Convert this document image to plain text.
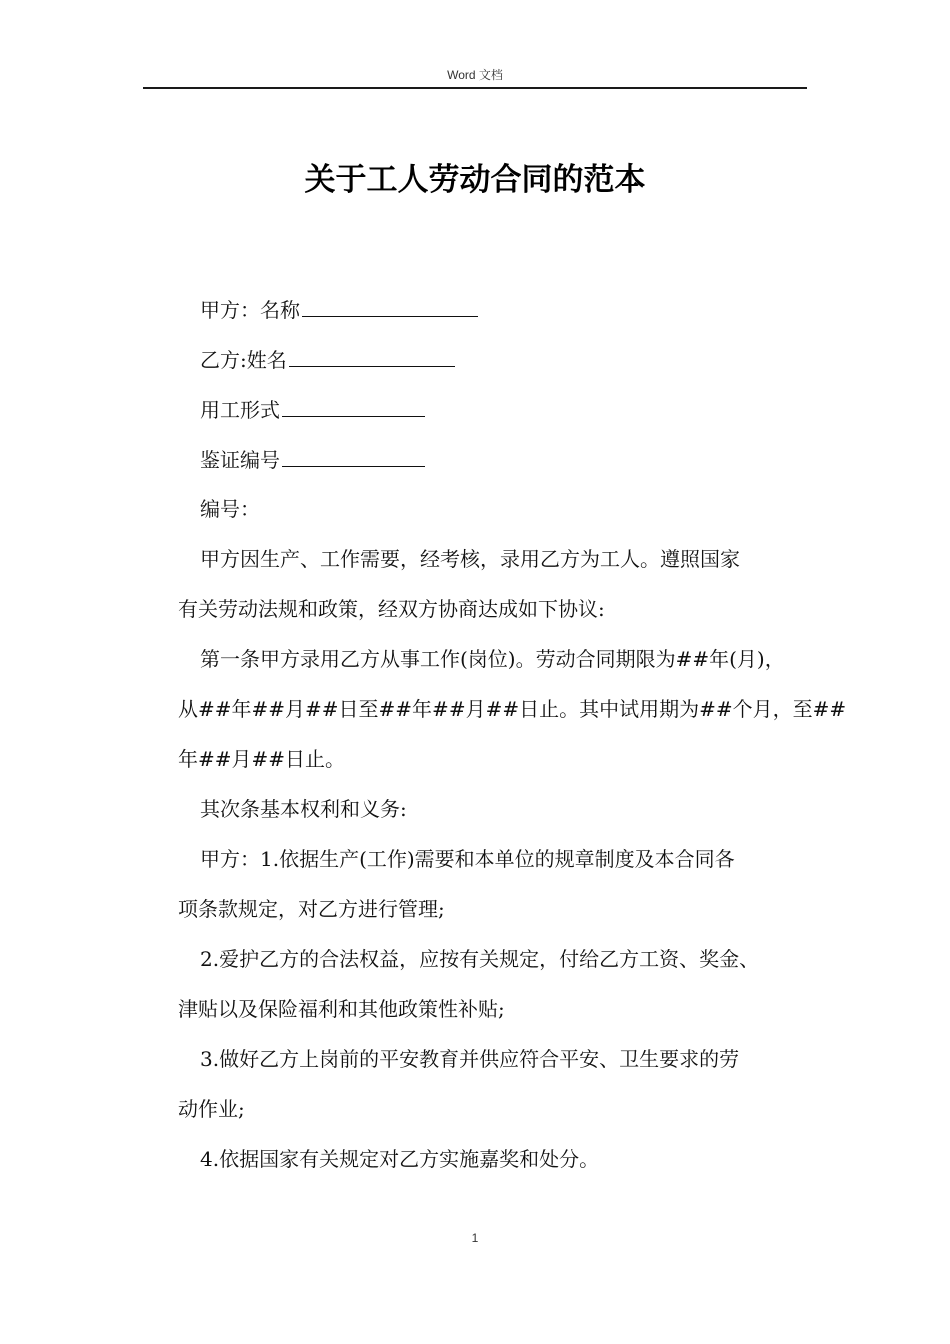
Word 文档
关于工人劳动合同的范本
甲方：名称
乙方:姓名
用工形式
鉴证编号
编号：
甲方因生产、工作需要，经考核，录用乙方为工人。遵照国家
有关劳动法规和政策，经双方协商达成如下协议:
第一条甲方录用乙方从事工作(岗位)。劳动合同期限为##年(月)，
从##年##月##日至##年##月##日止。其中试用期为##个月，至##
年##月##日止。
其次条基本权利和义务:
甲方：1.依据生产(工作)需要和本单位的规章制度及本合同各
项条款规定，对乙方进行管理;
2.爱护乙方的合法权益，应按有关规定，付给乙方工资、奖金、
津贴以及保险福利和其他政策性补贴;
3.做好乙方上岗前的平安教育并供应符合平安、卫生要求的劳
动作业;
4.依据国家有关规定对乙方实施嘉奖和处分。
1
